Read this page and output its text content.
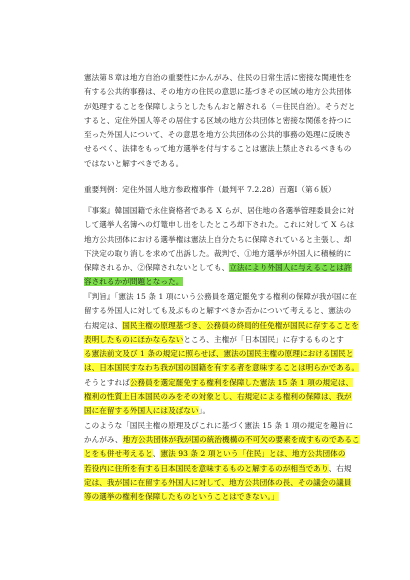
憲法第８章は地方自治の重要性にかんがみ、住民の日常生活に密接な関連性を
有する公共的事務は、その地方の住民の意思に基づきその区域の地方公共団体
が処理することを保障しようとしたもんおと解される（＝住民自治）。そうだと
すると、定住外国人等その居住する区域の地方公共団体と密接な関係を持つに
至った外国人について、その意思を地方公共団体の公共的事務の処理に反映さ
せるべく、法律をもって地方選挙を付与することは憲法上禁止されるべきもの
ではないと解すべきである。
重要判例：定住外国人地方参政権事件（最判平 7.2.28）百選Ⅰ（第６版）
『事案』韓国国籍で永住資格者である X らが、居住地の各選挙管理委員会に対
して選挙人名簿への灯篭申し出をしたところ却下された。これに対して X らは
地方公共団体における選挙権は憲法上自分たちに保障されていると主張し、却
下決定の取り消しを求めて出訴した。裁判で、①地方選挙が外国人に積極的に
保障されるか、②保障されないとしても、立法により外国人に与えることは許
容されるかが問題となった。
『判旨』「憲法 15 条 1 項にいう公務員を選定罷免する権利の保障が我が国に在
留する外国人に対しても及ぶものと解すべきか否かについて考えると、憲法の
右規定は、国民主権の原理基づき、公務員の終局的任免権が国民に存することを
表明したものにほかならないところ、主権が「日本国民」に存するものとす
る憲法前文及び 1 条の規定に照らせば、憲法の国民主権の原理における国民と
は、日本国民すなわち我が国の国籍を有する者を意味することは明らかである。
そうとすれば公務員を選定罷免する権利を保障した憲法 15 条 1 項の規定は、
権利の性質上日本国民のみをその対象とし、右規定による権利の保障は、我が
国に在留する外国人には及ばない」。
このような「国民主権の原理及びこれに基づく憲法 15 条 1 項の規定を趣旨に
かんがみ、地方公共団体が我が国の統治機構の不可欠の要素を成すものであるこ
とをも併せ考えると、憲法 93 条 2 項という「住民」とは、地方公共団体の
若役内に住所を有する日本国民を意味するものと解するのが相当であり、右規
定は、我が国に在留する外国人に対して、地方公共団体の長、その議会の議員
等の選挙の権利を保障したものということはできない。」
